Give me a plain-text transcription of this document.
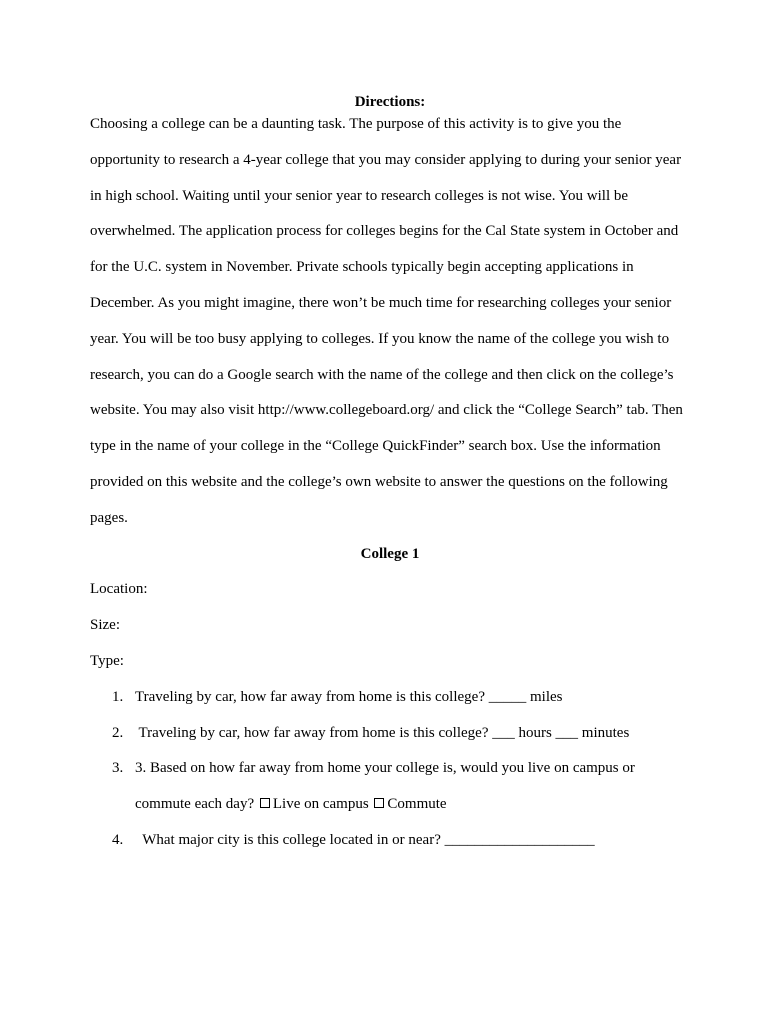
Directions:

Choosing a college can be a daunting task. The purpose of this activity is to give you the opportunity to research a 4-year college that you may consider applying to during your senior year in high school. Waiting until your senior year to research colleges is not wise. You will be overwhelmed. The application process for colleges begins for the Cal State system in October and for the U.C. system in November. Private schools typically begin accepting applications in December. As you might imagine, there won’t be much time for researching colleges your senior year. You will be too busy applying to colleges. If you know the name of the college you wish to research, you can do a Google search with the name of the college and then click on the college’s website. You may also visit http://www.collegeboard.org/ and click the “College Search” tab. Then type in the name of your college in the “College QuickFinder” search box. Use the information provided on this website and the college’s own website to answer the questions on the following pages.

College 1

Location:

Size:

Type:

1. Traveling by car, how far away from home is this college? _____ miles
2. Traveling by car, how far away from home is this college? ___ hours ___ minutes
3. 3. Based on how far away from home your college is, would you live on campus or commute each day? Live on campus Commute
4. What major city is this college located in or near? ____________________
